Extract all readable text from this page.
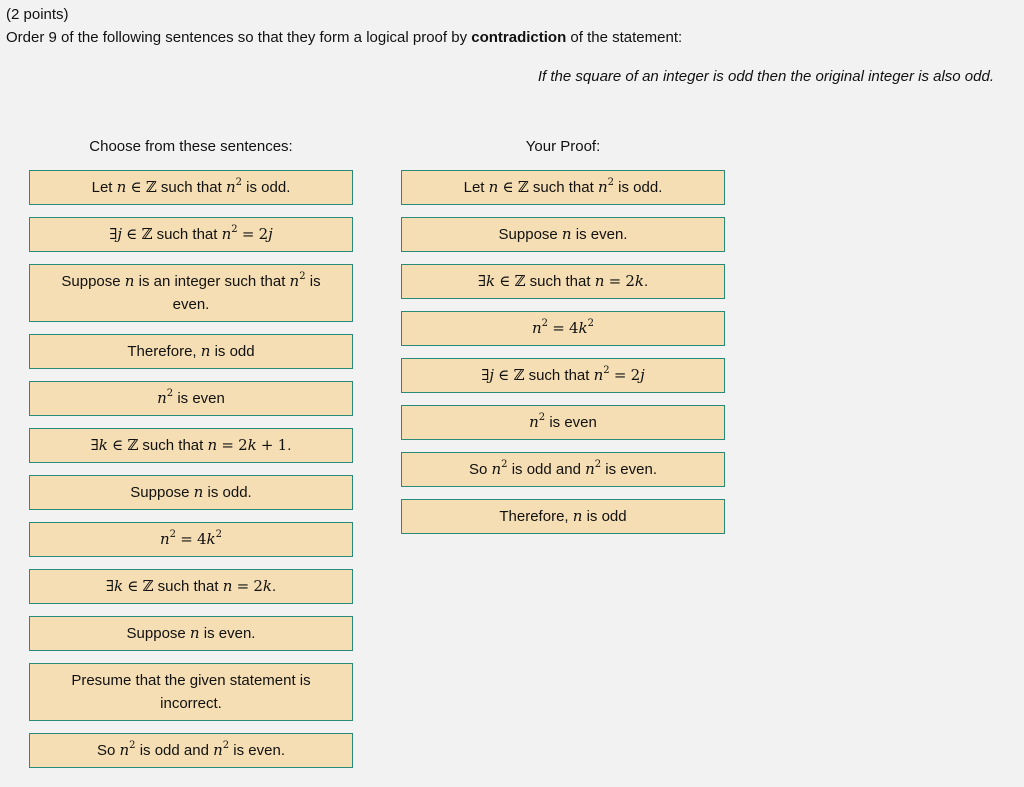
(2 points)
Order 9 of the following sentences so that they form a logical proof by contradiction of the statement:
If the square of an integer is odd then the original integer is also odd.
Choose from these sentences:	Your Proof:
Let n ∈ ℤ such that $n^2$ is odd.
∃j ∈ ℤ such that $n^2 = 2j$
Suppose n is an integer such that $n^2$ is even.
Therefore, n is odd
$n^2$ is even
∃k ∈ ℤ such that n = 2k + 1.
Suppose n is odd.
$n^2 = 4k^2$
∃k ∈ ℤ such that n = 2k.
Suppose n is even.
Presume that the given statement is incorrect.
So $n^2$ is odd and $n^2$ is even.
Let n ∈ ℤ such that $n^2$ is odd.
Suppose n is even.
∃k ∈ ℤ such that n = 2k.
$n^2 = 4k^2$
∃j ∈ ℤ such that $n^2 = 2j$
$n^2$ is even
So $n^2$ is odd and $n^2$ is even.
Therefore, n is odd
